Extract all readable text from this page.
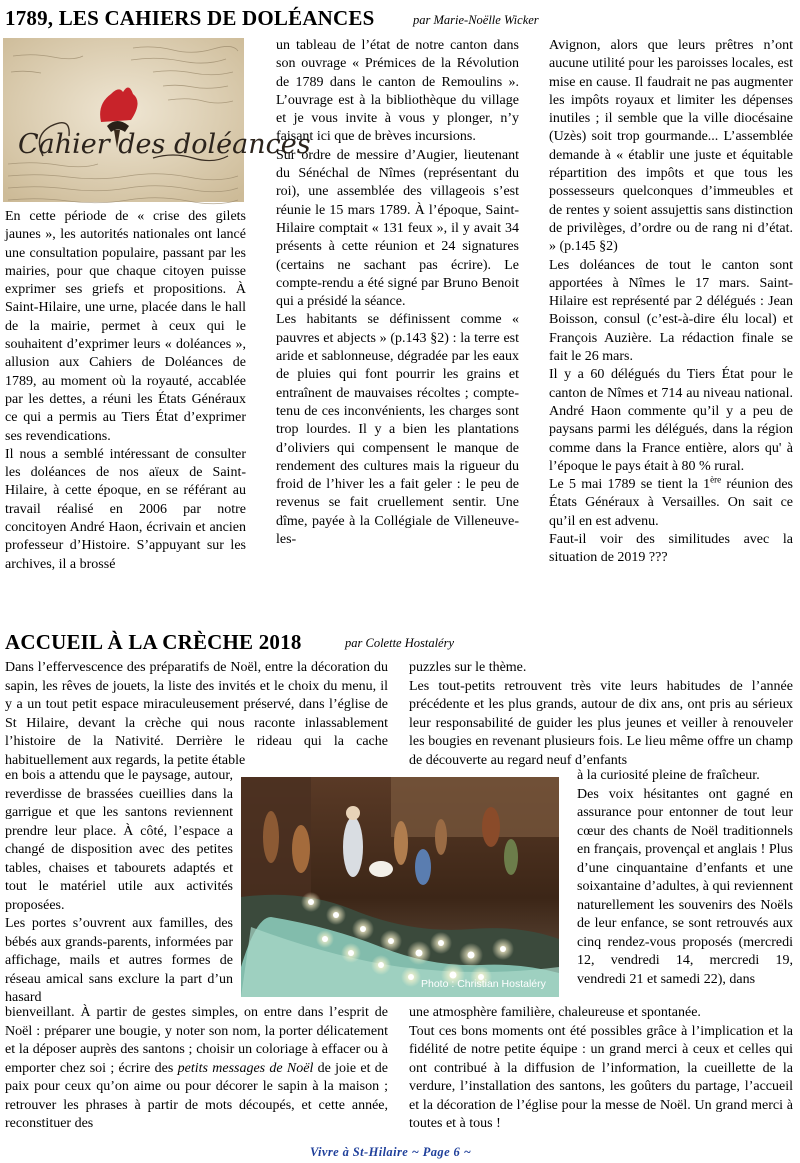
1789, LES CAHIERS DE DOLÉANCES	par Marie-Noëlle Wicker
Cahier des doléances

En cette période de « crise des gilets jaunes », les autorités nationales ont lancé une consultation populaire, passant par les mairies, pour que chaque citoyen puisse exprimer ses griefs et propositions. À Saint-Hilaire, une urne, placée dans le hall de la mairie, permet à ceux qui le souhaitent d’exprimer leurs « doléances », allusion aux Cahiers de Doléances de 1789, au moment où la royauté, accablée par les dettes, a réuni les États Généraux ce qui a permis au Tiers État d’exprimer ses revendications.

Il nous a semblé intéressant de consulter les doléances de nos aïeux de Saint-Hilaire, à cette époque, en se référant au travail réalisé en 2006 par notre concitoyen André Haon, écrivain et ancien professeur d’Histoire. S’appuyant sur les archives, il a brossé

un tableau de l’état de notre canton dans son ouvrage « Prémices de la Révolution de 1789 dans le canton de Remoulins ». L’ouvrage est à la bibliothèque du village et je vous invite à vous y plonger, n’y faisant ici que de brèves incursions.

Sur ordre de messire d’Augier, lieutenant du Sénéchal de Nîmes (représentant du roi), une assemblée des villageois s’est réunie le 15 mars 1789. À l’époque, Saint-Hilaire comptait « 131 feux », il y avait 34 présents à cette réunion et 24 signatures (certains ne sachant pas écrire). Le compte-rendu a été signé par Bruno Benoit qui a présidé la séance.

Les habitants se définissent comme « pauvres et abjects » (p.143 §2) : la terre est aride et sablonneuse, dégradée par les eaux de pluies qui font pourrir les grains et entraînent de mauvaises récoltes ; compte-tenu de ces inconvénients, les charges sont trop lourdes. Il y a bien les plantations d’oliviers qui compensent le manque de rendement des cultures mais la rigueur du froid de l’hiver les a fait geler : le peu de revenus se fait cruellement sentir. Une dîme, payée à la Collégiale de Villeneuve-les-

Avignon, alors que leurs prêtres n’ont aucune utilité pour les paroisses locales, est mise en cause. Il faudrait ne pas augmenter les impôts royaux et limiter les dépenses inutiles ; il semble que la ville diocésaine (Uzès) soit trop gourmande... L’assemblée demande à « établir une juste et équitable répartition des impôts et que tous les possesseurs quelconques d’immeubles et de rentes y soient assujettis sans distinction de privilèges, d’ordre ou de rang ni d’état. » (p.145 §2)

Les doléances de tout le canton sont apportées à Nîmes le 17 mars. Saint-Hilaire est représenté par 2 délégués : Jean Boisson, consul (c’est-à-dire élu local) et François Auzière. La rédaction finale se fait le 26 mars.

Il y a 60 délégués du Tiers État pour le canton de Nîmes et 714 au niveau national. André Haon commente qu’il y a peu de paysans parmi les délégués, dans la région comme dans la France entière, alors qu' à l’époque le pays était à 80 % rural.

Le 5 mai 1789 se tient la 1ère réunion des États Généraux à Versailles. On sait ce qu’il en est advenu.

Faut-il voir des similitudes avec la situation de 2019 ???

ACCUEIL À LA CRÈCHE 2018	par Colette Hostaléry

Dans l’effervescence des préparatifs de Noël, entre la décoration du sapin, les rêves de jouets, la liste des invités et le choix du menu, il y a un tout petit espace miraculeusement préservé, dans l’église de St Hilaire, devant la crèche qui nous raconte inlassablement l’histoire de la Nativité. Derrière le rideau qui la cache habituellement aux regards, la petite étable

en bois a attendu que le paysage, autour, reverdisse de brassées cueillies dans la garrigue et que les santons reviennent prendre leur place. À côté, l’espace a changé de disposition avec des petites tables, chaises et tabourets adaptés et tout le matériel utile aux activités proposées.

Les portes s’ouvrent aux familles, des bébés aux grands-parents, informées par affichage, mails et autres formes de réseau amical sans exclure la part d’un hasard

bienveillant. À partir de gestes simples, on entre dans l’esprit de Noël : préparer une bougie, y noter son nom, la porter délicatement et la déposer auprès des santons ; choisir un coloriage à effacer ou à emporter chez soi ; écrire des petits messages de Noël de joie et de paix pour ceux qu’on aime ou pour décorer le sapin à la maison ; retrouver les phrases à partir de mots découpés, et cette année, reconstituer des

puzzles sur le thème.

Les tout-petits retrouvent très vite leurs habitudes de l’année précédente et les plus grands, autour de dix ans, ont pris au sérieux leur responsabilité de guider les plus jeunes et veiller à renouveler les bougies en revenant plusieurs fois. Le lieu même offre un champ de découverte au regard neuf d’enfants

à la curiosité pleine de fraîcheur.

Des voix hésitantes ont gagné en assurance pour entonner de tout leur cœur des chants de Noël traditionnels en français, provençal et anglais ! Plus d’une cinquantaine d’enfants et une soixantaine d’adultes, à qui reviennent naturellement les souvenirs des Noëls de leur enfance, se sont retrouvés aux cinq rendez-vous proposés (mercredi 12, vendredi 14, mercredi 19, vendredi 21 et samedi 22), dans

une atmosphère familière, chaleureuse et spontanée.

Tout ces bons moments ont été possibles grâce à l’implication et la fidélité de notre petite équipe : un grand merci à ceux et celles qui ont contribué à la diffusion de l’information, la cueillette de la verdure, l’installation des santons, les goûters du partage, l’accueil et la décoration de l’église pour la messe de Noël. Un grand merci à toutes et à tous !

Photo : Christian Hostaléry
Vivre à St-Hilaire ~ Page 6 ~
